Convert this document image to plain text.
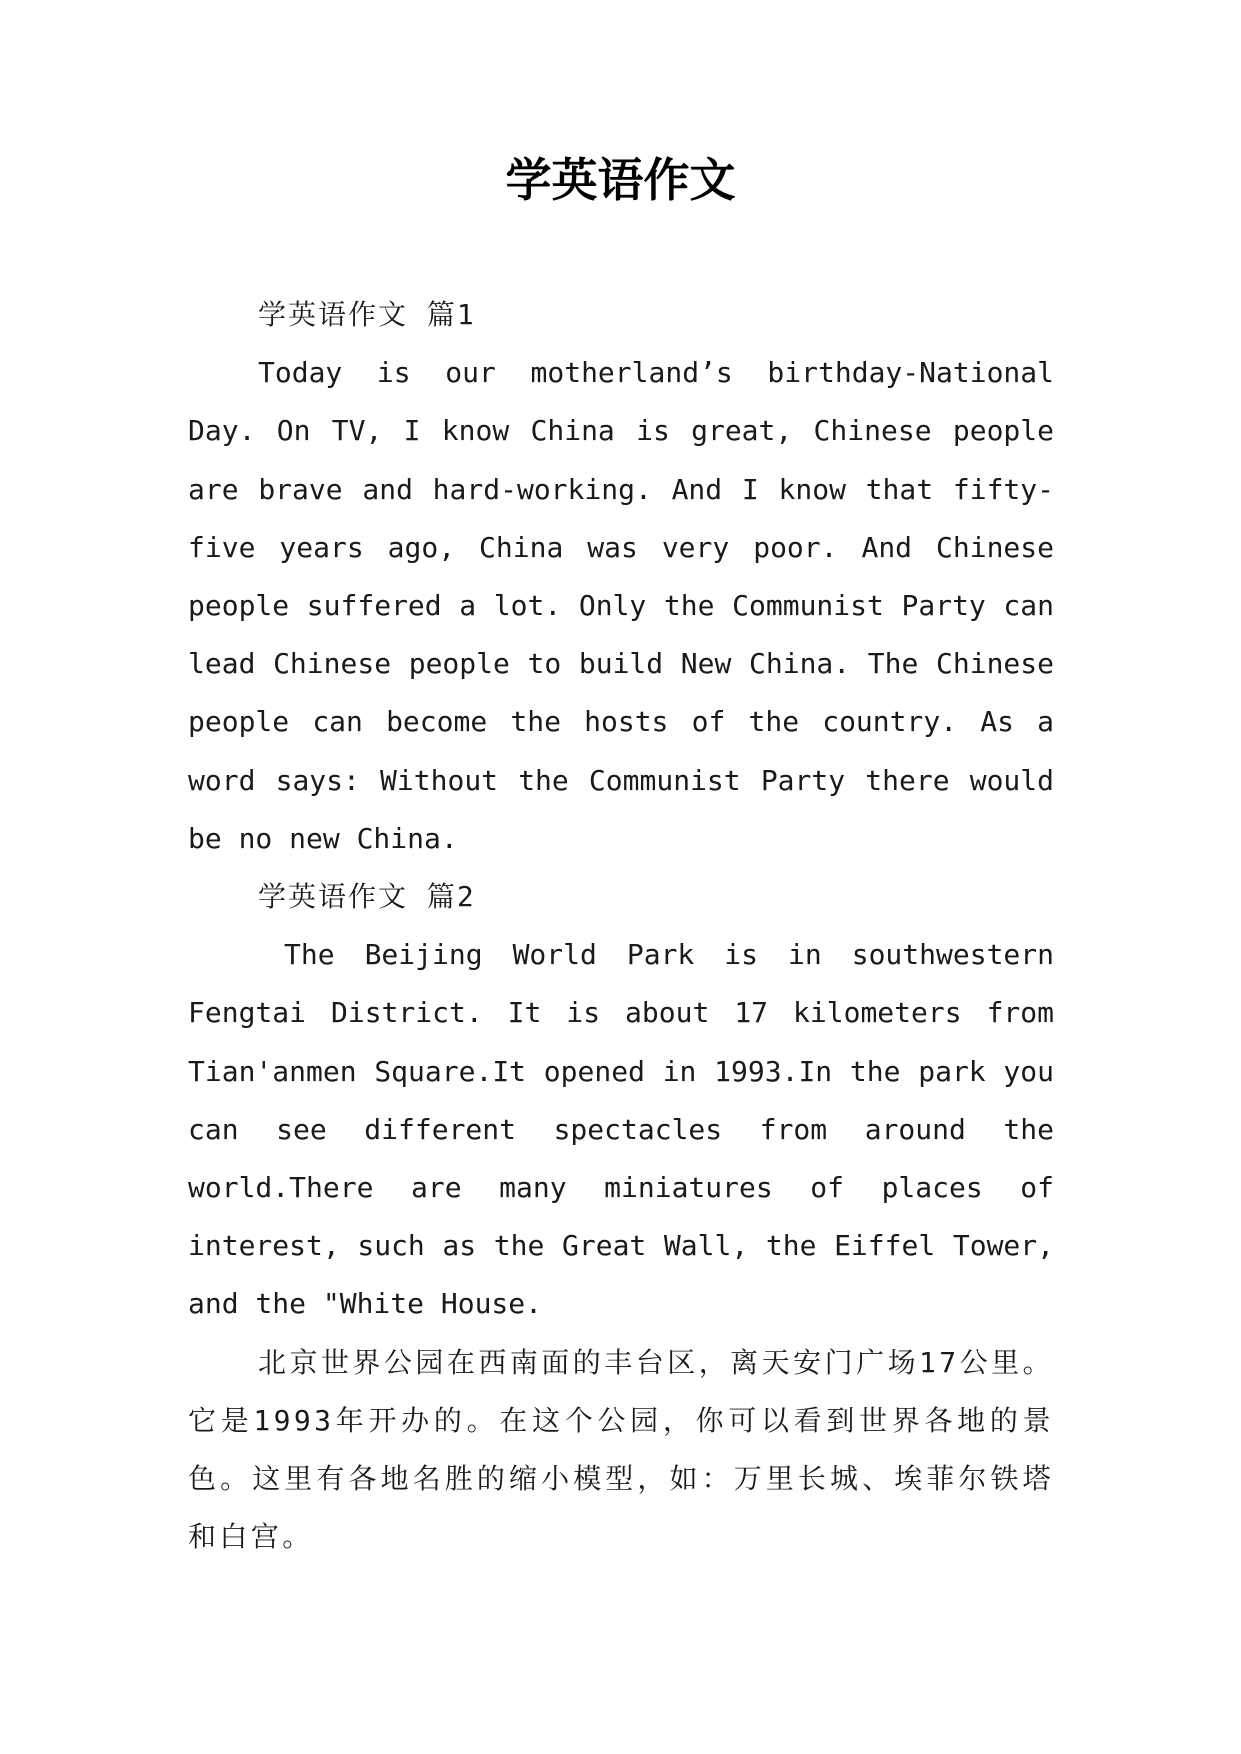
学英语作文

学英语作文 篇1

Today is our motherland’s birthday-National Day. On TV, I know China is great, Chinese people are brave and hard-working. And I know that fifty-five years ago, China was very poor. And Chinese people suffered a lot. Only the Communist Party can lead Chinese people to build New China. The Chinese people can become the hosts of the country. As a word says: Without the Communist Party there would be no new China.

学英语作文 篇2

The Beijing World Park is in southwestern Fengtai District. It is about 17 kilometers from Tian'anmen Square.It opened in 1993.In the park you can see different spectacles from around the world.There are many miniatures of places of interest, such as the Great Wall, the Eiffel Tower, and the "White House.

北京世界公园在西南面的丰台区，离天安门广场17公里。它是1993年开办的。在这个公园，你可以看到世界各地的景色。这里有各地名胜的缩小模型，如：万里长城、埃菲尔铁塔和白宫。
